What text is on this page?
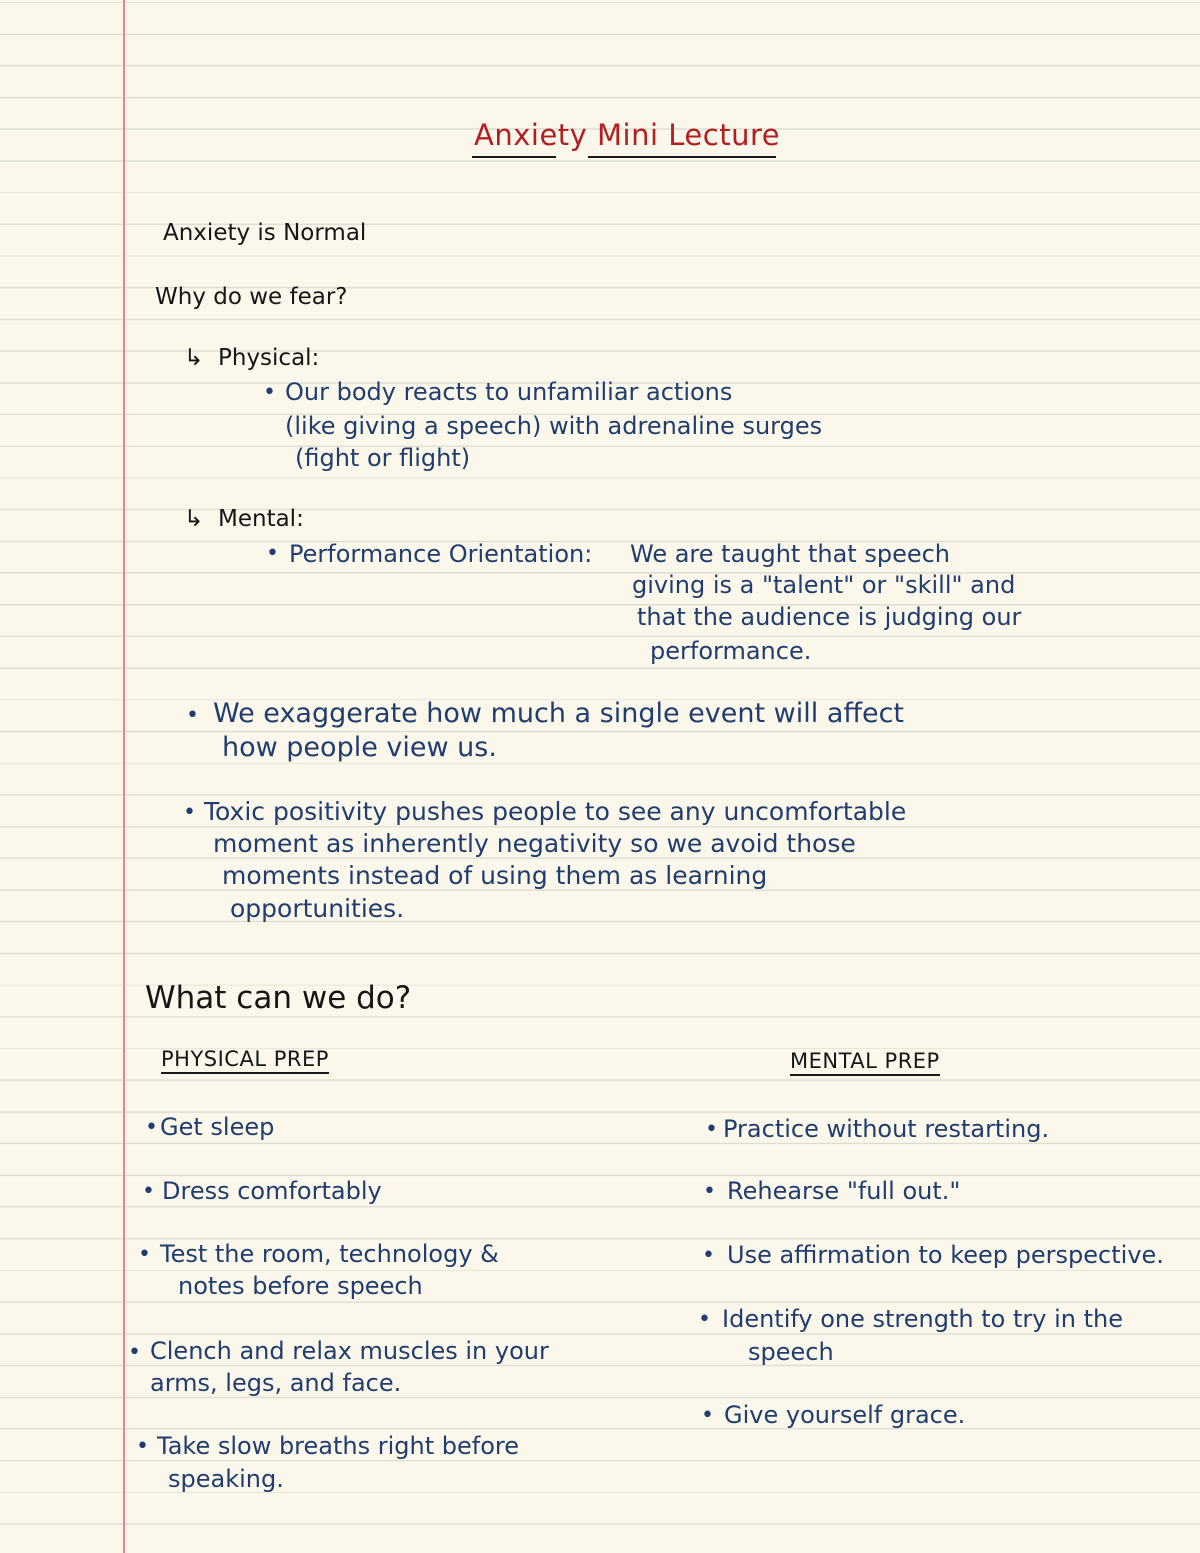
Anxiety Mini Lecture
Anxiety is Normal
Why do we fear?
↳ Physical:
• Our body reacts to unfamiliar actions
(like giving a speech) with adrenaline surges
(fight or flight)
↳ Mental:
• Performance Orientation: We are taught that speech
giving is a "talent" or "skill" and
that the audience is judging our
performance.
• We exaggerate how much a single event will affect
how people view us.
• Toxic positivity pushes people to see any uncomfortable
moment as inherently negativity so we avoid those
moments instead of using them as learning
opportunities.
What can we do?
PHYSICAL PREP	MENTAL PREP
• Get sleep
• Dress comfortably
• Test the room, technology &
notes before speech
• Clench and relax muscles in your
arms, legs, and face.
• Take slow breaths right before
speaking.
• Practice without restarting.
• Rehearse "full out."
• Use affirmation to keep perspective.
• Identify one strength to try in the
speech
• Give yourself grace.
